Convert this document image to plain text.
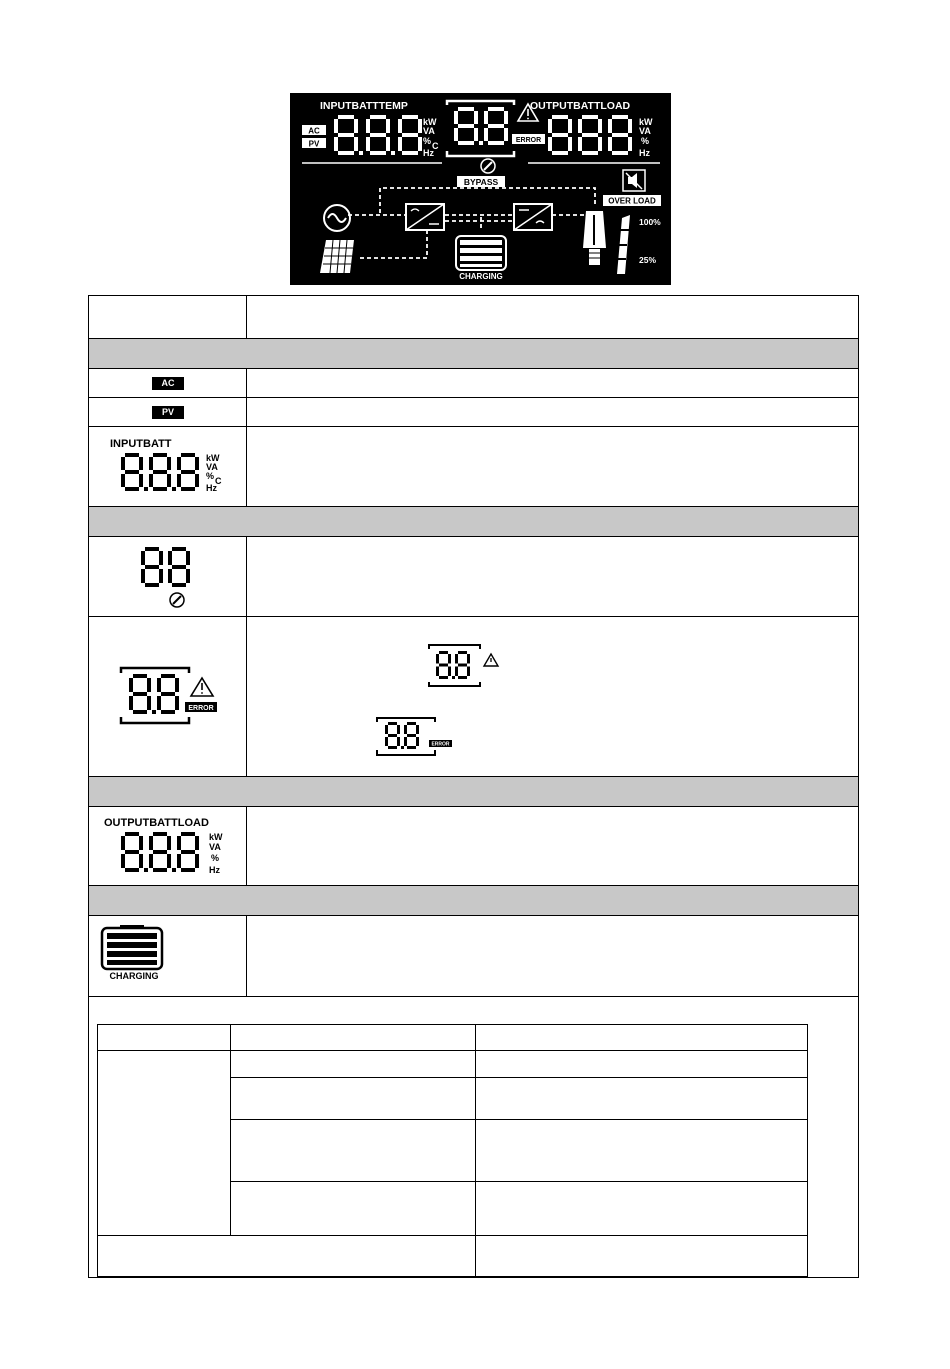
INPUTBATTTEMP	OUTPUTBATTLOAD
AC
PV
kW
VA
% C
Hz
ERROR
kW
VA
%
Hz
BYPASS
OVER LOAD
CHARGING
100%
25%
AC
PV
INPUTBATT
kW
VA
% C
Hz
ERROR
ERROR
OUTPUTBATTLOAD
kW
VA
%
Hz
CHARGING
